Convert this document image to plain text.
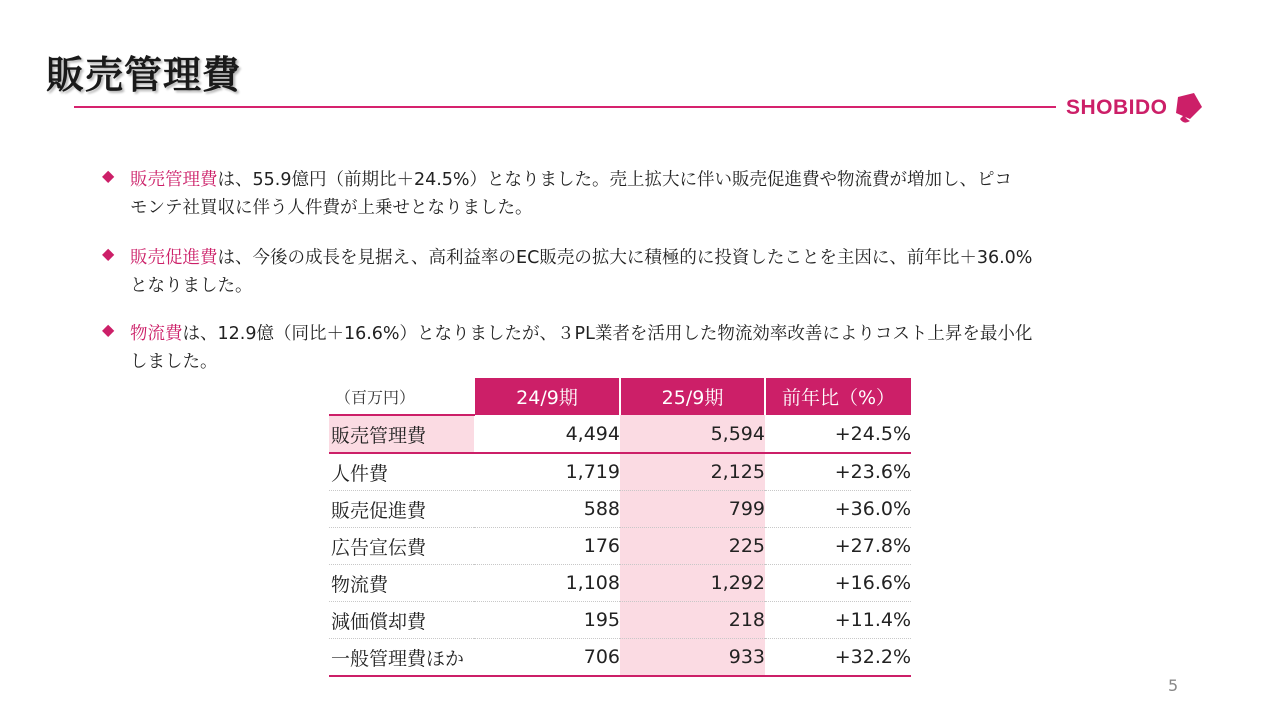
販売管理費
SHOBIDO
◆ 販売管理費は、55.9億円（前期比＋24.5%）となりました。売上拡大に伴い販売促進費や物流費が増加し、ピコ
モンテ社買収に伴う人件費が上乗せとなりました。
◆ 販売促進費は、今後の成長を見据え、高利益率のEC販売の拡大に積極的に投資したことを主因に、前年比＋36.0%
となりました。
◆ 物流費は、12.9億（同比＋16.6%）となりましたが、３PL業者を活用した物流効率改善によりコスト上昇を最小化
しました。
（百万円）	24/9期	25/9期	前年比（%）
販売管理費	4,494	5,594	+24.5%
人件費	1,719	2,125	+23.6%
販売促進費	588	799	+36.0%
広告宣伝費	176	225	+27.8%
物流費	1,108	1,292	+16.6%
減価償却費	195	218	+11.4%
一般管理費ほか	706	933	+32.2%
5
